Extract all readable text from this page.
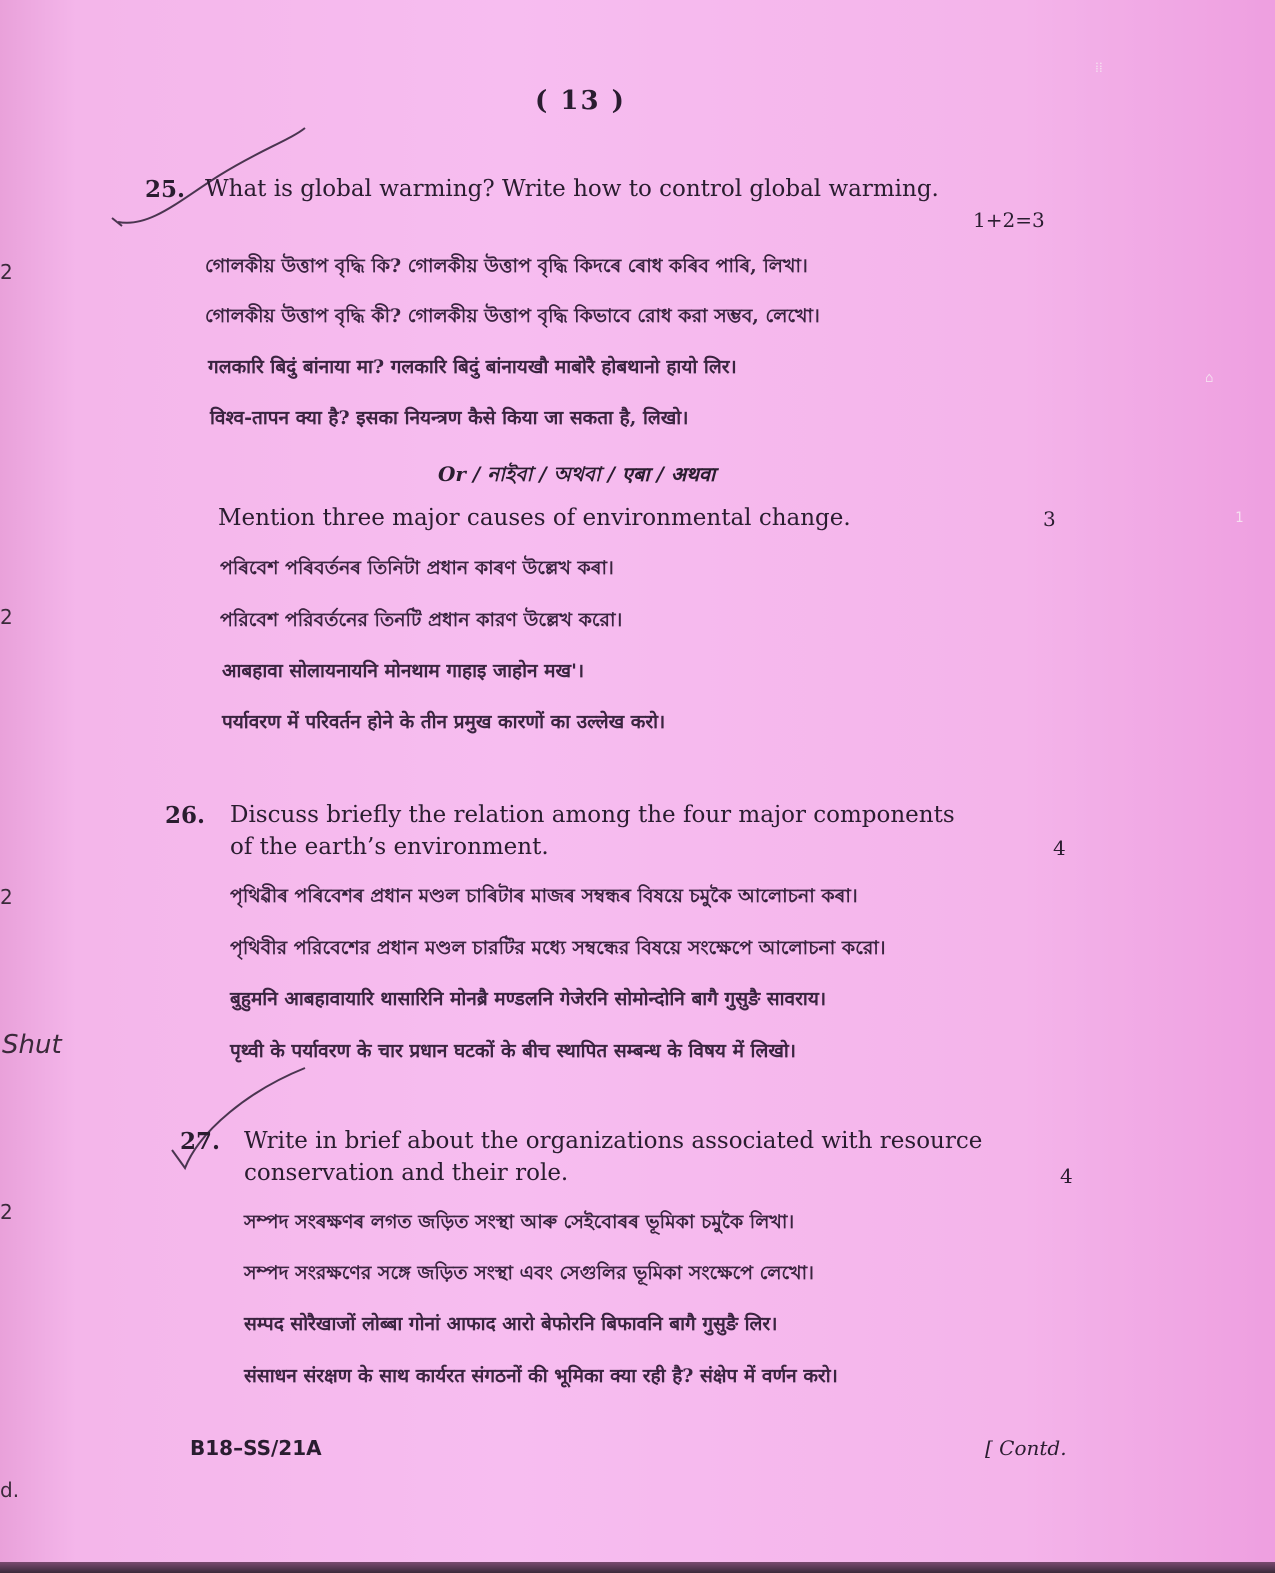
⁞⁞
⌂
1
( 13 )
2
2
2
2
Shut
d.
25. What is global warming? Write how to control global warming.
1+2=3
গোলকীয় উত্তাপ বৃদ্ধি কি? গোলকীয় উত্তাপ বৃদ্ধি কিদৰে ৰোধ কৰিব পাৰি, লিখা।
গোলকীয় উত্তাপ বৃদ্ধি কী? গোলকীয় উত্তাপ বৃদ্ধি কিভাবে রোধ করা সম্ভব, লেখো।
गलकारि बिदुं बांनाया मा? गलकारि बिदुं बांनायखौ माबोरै होबथानो हायो लिर।
विश्व-तापन क्या है? इसका नियन्त्रण कैसे किया जा सकता है, लिखो।
Or / নাইবা / অথবা / एबा / अथवा
Mention three major causes of environmental change.	3
পৰিবেশ পৰিবৰ্তনৰ তিনিটা প্ৰধান কাৰণ উল্লেখ কৰা।
পরিবেশ পরিবর্তনের তিনটি প্রধান কারণ উল্লেখ করো।
आबहावा सोलायनायनि मोनथाम गाहाइ जाहोन मख'।
पर्यावरण में परिवर्तन होने के तीन प्रमुख कारणों का उल्लेख करो।
26. Discuss briefly the relation among the four major components
of the earth’s environment.	4
পৃথিৱীৰ পৰিবেশৰ প্ৰধান মণ্ডল চাৰিটাৰ মাজৰ সম্বন্ধৰ বিষয়ে চমুকৈ আলোচনা কৰা।
পৃথিবীর পরিবেশের প্রধান মণ্ডল চারটির মধ্যে সম্বন্ধের বিষয়ে সংক্ষেপে আলোচনা করো।
बुहुमनि आबहावायारि थासारिनि मोनब्रै मण्डलनि गेजेरनि सोमोन्दोनि बागै गुसुङै सावराय।
पृथ्वी के पर्यावरण के चार प्रधान घटकों के बीच स्थापित सम्बन्ध के विषय में लिखो।
27. Write in brief about the organizations associated with resource
conservation and their role.	4
সম্পদ সংৰক্ষণৰ লগত জড়িত সংস্থা আৰু সেইবোৰৰ ভূমিকা চমুকৈ লিখা।
সম্পদ সংরক্ষণের সঙ্গে জড়িত সংস্থা এবং সেগুলির ভূমিকা সংক্ষেপে লেখো।
सम्पद सोरैखाजों लोब्बा गोनां आफाद आरो बेफोरनि बिफावनि बागै गुसुङै लिर।
संसाधन संरक्षण के साथ कार्यरत संगठनों की भूमिका क्या रही है? संक्षेप में वर्णन करो।
B18–SS/21A	[ Contd.
